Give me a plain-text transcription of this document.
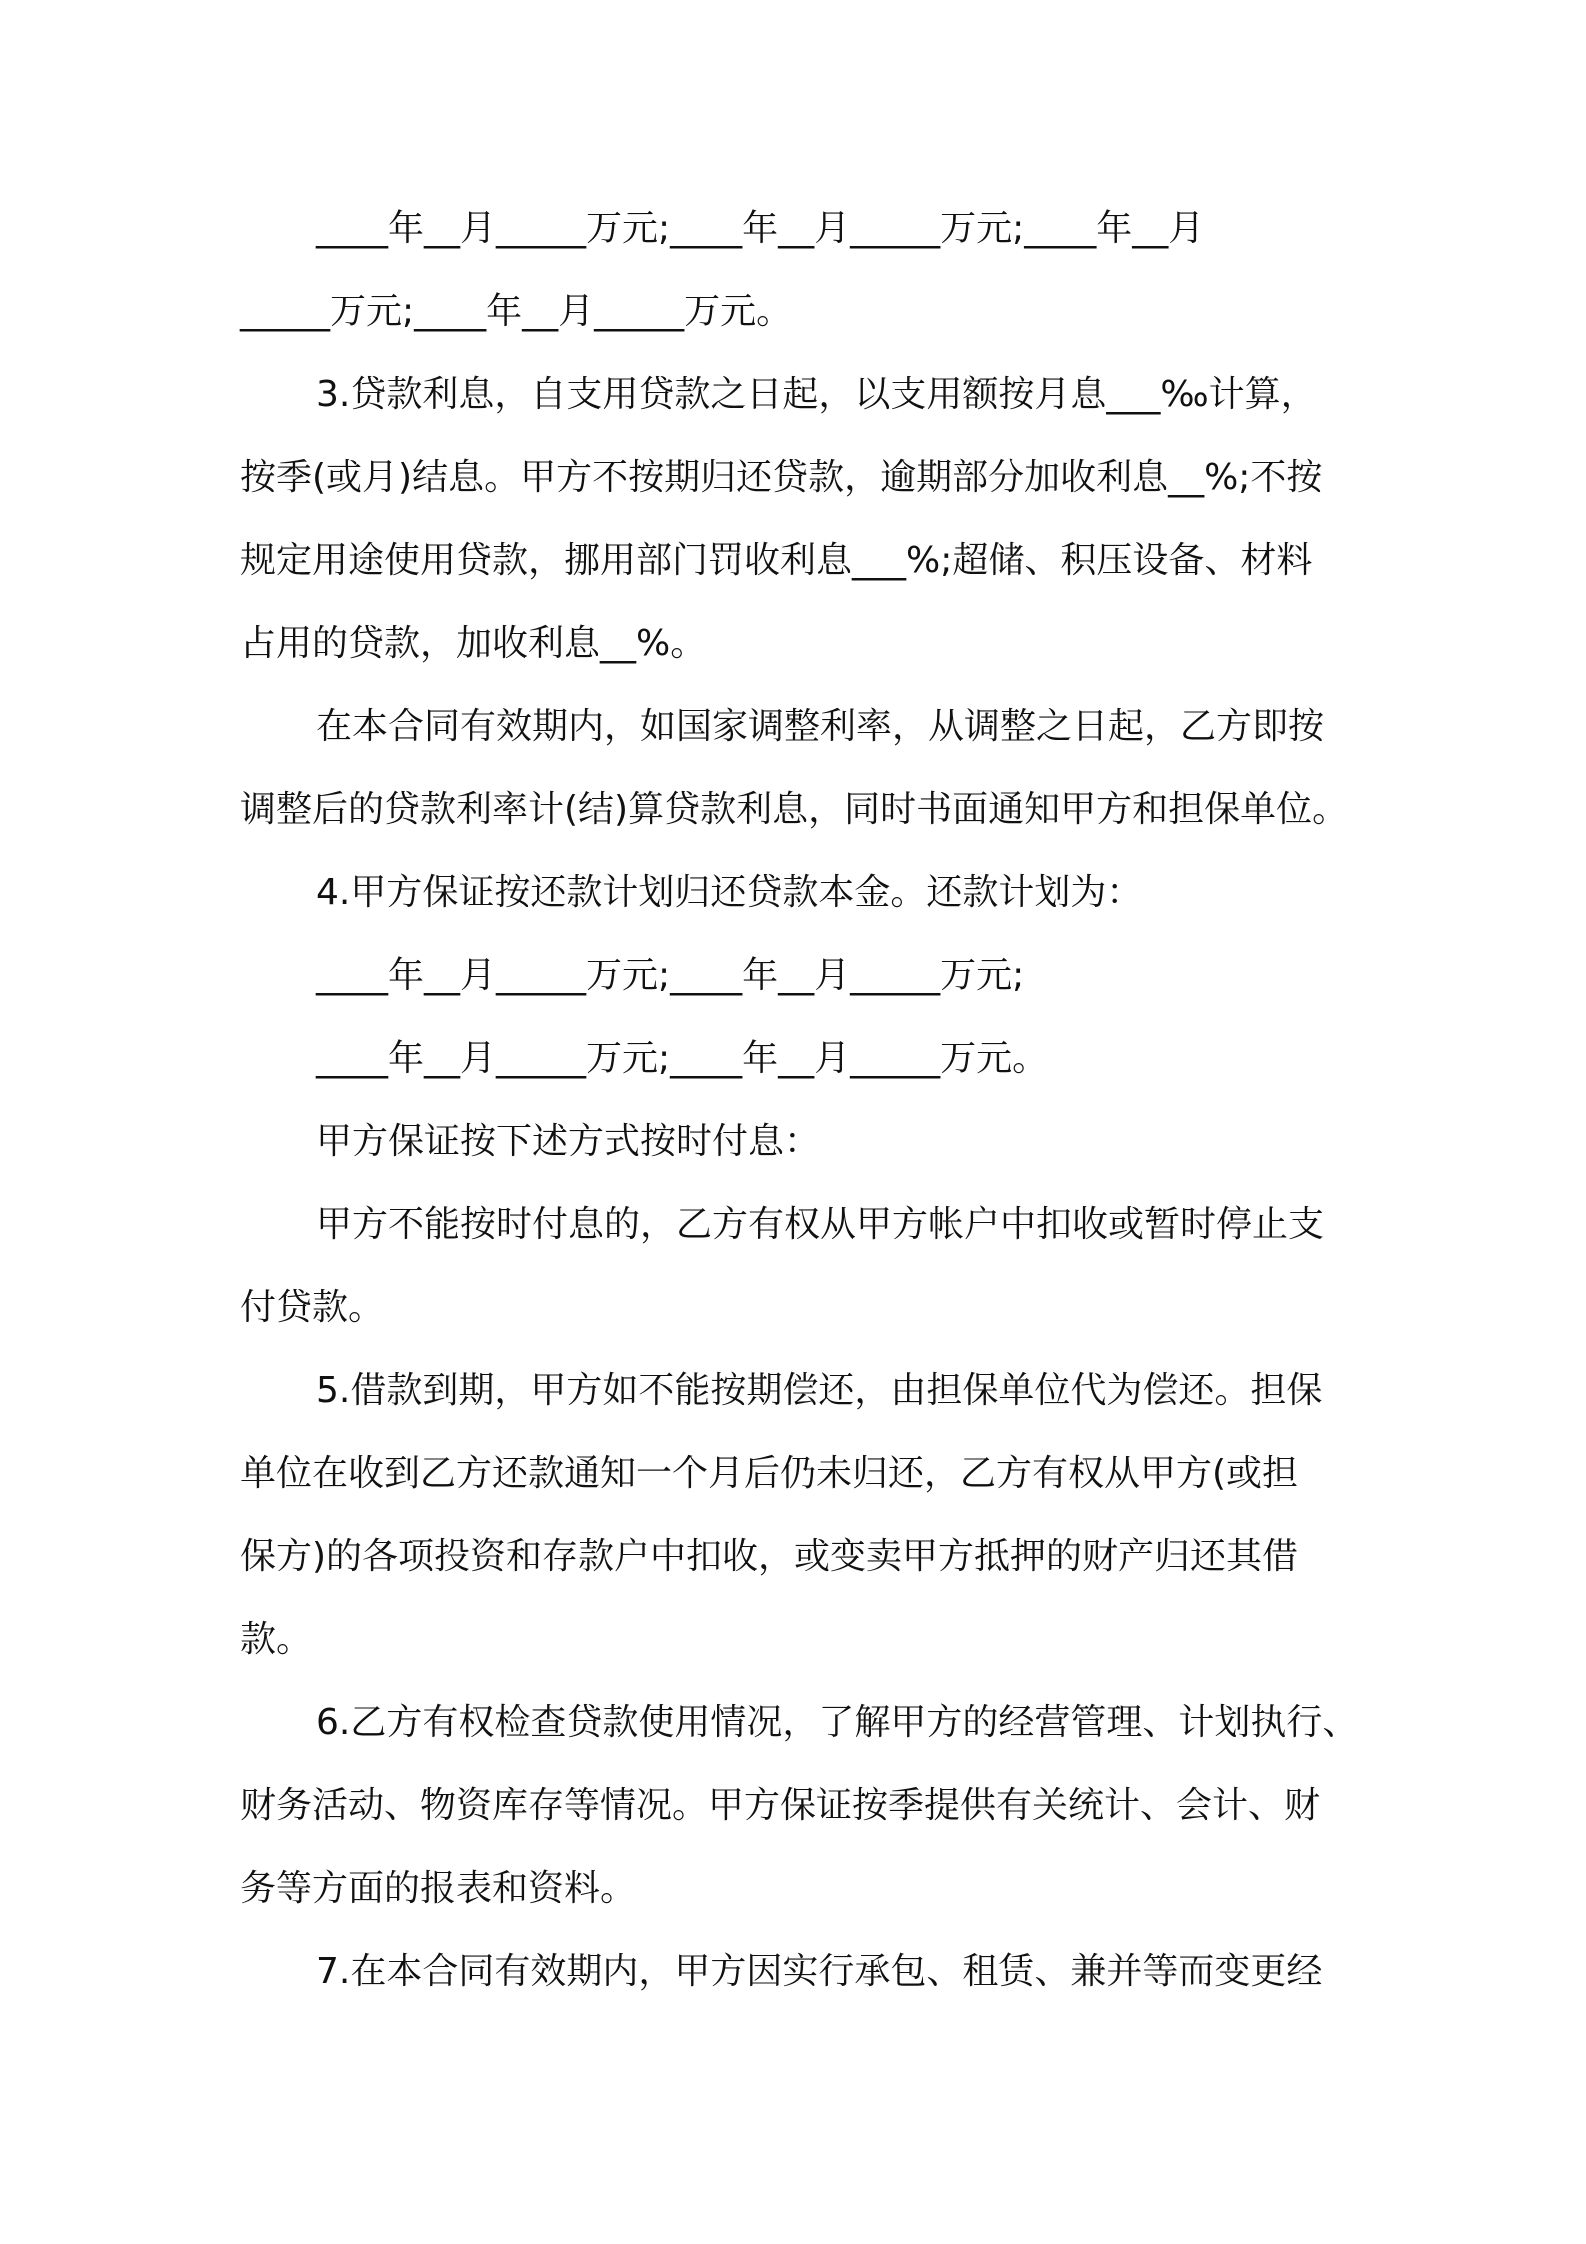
____年__月_____万元;____年__月_____万元;____年__月
_____万元;____年__月_____万元。
3.贷款利息，自支用贷款之日起，以支用额按月息___‰计算，
按季(或月)结息。甲方不按期归还贷款，逾期部分加收利息__%;不按
规定用途使用贷款，挪用部门罚收利息___%;超储、积压设备、材料
占用的贷款，加收利息__%。
在本合同有效期内，如国家调整利率，从调整之日起，乙方即按
调整后的贷款利率计(结)算贷款利息，同时书面通知甲方和担保单位。
4.甲方保证按还款计划归还贷款本金。还款计划为：
____年__月_____万元;____年__月_____万元;
____年__月_____万元;____年__月_____万元。
甲方保证按下述方式按时付息：
甲方不能按时付息的，乙方有权从甲方帐户中扣收或暂时停止支
付贷款。
5.借款到期，甲方如不能按期偿还，由担保单位代为偿还。担保
单位在收到乙方还款通知一个月后仍未归还，乙方有权从甲方(或担
保方)的各项投资和存款户中扣收，或变卖甲方抵押的财产归还其借
款。
6.乙方有权检查贷款使用情况，了解甲方的经营管理、计划执行、
财务活动、物资库存等情况。甲方保证按季提供有关统计、会计、财
务等方面的报表和资料。
7.在本合同有效期内，甲方因实行承包、租赁、兼并等而变更经
